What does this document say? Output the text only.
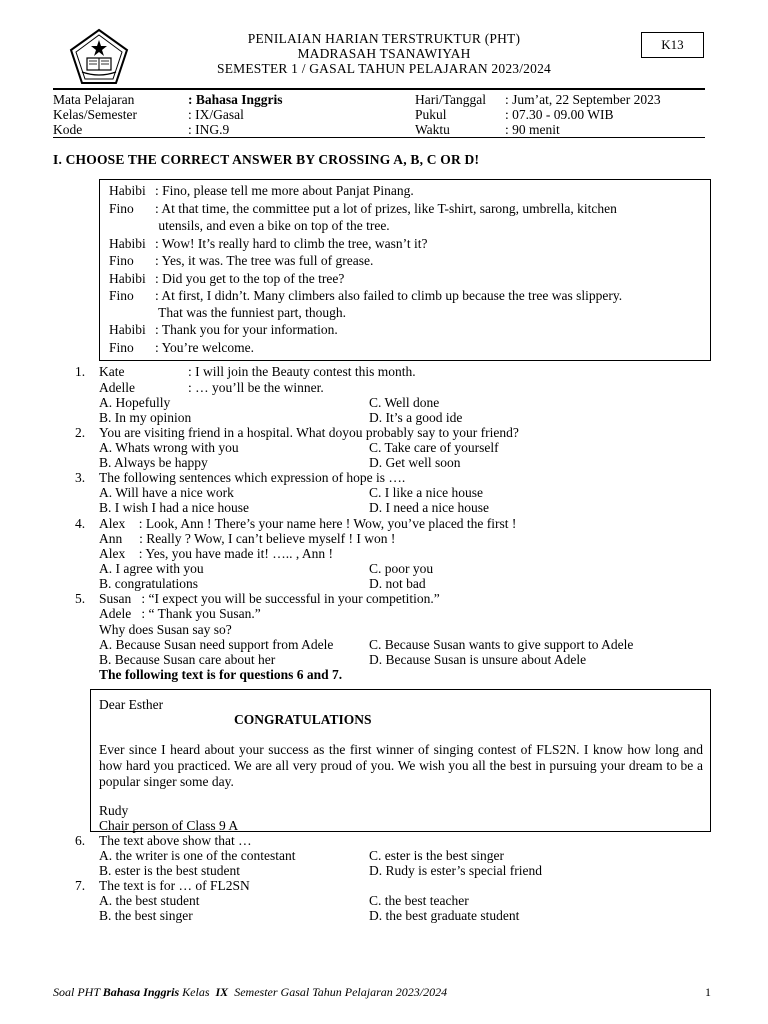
PENILAIAN HARIAN TERSTRUKTUR (PHT)
MADRASAH TSANAWIYAH
SEMESTER 1 / GASAL TAHUN PELAJARAN 2023/2024
K13
Mata Pelajaran	: Bahasa Inggris
Kelas/Semester	: IX/Gasal
Kode	: ING.9
Hari/Tanggal : Jum’at, 22 September 2023
Pukul	: 07.30 - 09.00 WIB
Waktu	: 90 menit
I. CHOOSE THE CORRECT ANSWER BY CROSSING A, B, C OR D!
Habibi : Fino, please tell me more about Panjat Pinang.
Fino : At that time, the committee put a lot of prizes, like T-shirt, sarong, umbrella, kitchen
utensils, and even a bike on top of the tree.
Habibi : Wow! It’s really hard to climb the tree, wasn’t it?
Fino : Yes, it was. The tree was full of grease.
Habibi : Did you get to the top of the tree?
Fino : At first, I didn’t. Many climbers also failed to climb up because the tree was slippery.
That was the funniest part, though.
Habibi : Thank you for your information.
Fino : You’re welcome.
1. Kate	: I will join the Beauty contest this month.
Adelle	: … you’ll be the winner.
A. Hopefully	C. Well done
B. In my opinion	D. It’s a good ide
2. You are visiting friend in a hospital. What doyou probably say to your friend?
A. Whats wrong with you	C. Take care of yourself
B. Always be happy	D. Get well soon
3. The following sentences which expression of hope is ….
A. Will have a nice work	C. I like a nice house
B. I wish I had a nice house	D. I need a nice house
4. Alex    : Look, Ann ! There’s your name here ! Wow, you’ve placed the first !
Ann     : Really ? Wow, I can’t believe myself ! I won !
Alex    : Yes, you have made it! ….. , Ann !
A. I agree with you	C. poor you
B. congratulations	D. not bad
5. Susan   : “I expect you will be successful in your competition.”
Adele   : “ Thank you Susan.”
Why does Susan say so?
A. Because Susan need support from Adele	C. Because Susan wants to give support to Adele
B. Because Susan care about her	D. Because Susan is unsure about Adele
The following text is for questions 6 and 7.
Dear Esther
CONGRATULATIONS
Ever since I heard about your success as the first winner of singing contest of FLS2N. I know how long and how hard you practiced. We are all very proud of you. We wish you all the best in pursuing your dream to be a popular singer some day.
Rudy
Chair person of Class 9 A
6. The text above show that …
A. the writer is one of the contestant	C. ester is the best singer
B. ester is the best student	D. Rudy is ester’s special friend
7. The text is for … of FL2SN
A. the best student	C. the best teacher
B. the best singer	D. the best graduate student
Soal PHT Bahasa Inggris Kelas  IX  Semester Gasal Tahun Pelajaran 2023/2024	1
